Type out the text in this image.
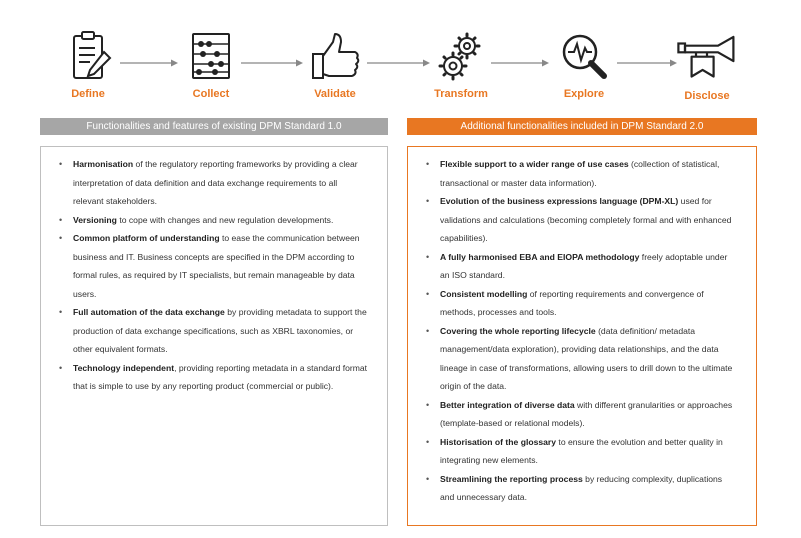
Define	Collect	Validate	Transform	Explore	Disclose
Functionalities and features of existing DPM Standard 1.0
• Harmonisation of the regulatory reporting frameworks by providing a clear interpretation of data definition and data exchange requirements to all relevant stakeholders.
• Versioning to cope with changes and new regulation developments.
• Common platform of understanding to ease the communication between business and IT. Business concepts are specified in the DPM according to formal rules, as required by IT specialists, but remain manageable by data users.
• Full automation of the data exchange by providing metadata to support the production of data exchange specifications, such as XBRL taxonomies, or other equivalent formats.
• Technology independent, providing reporting metadata in a standard format that is simple to use by any reporting product (commercial or public).
Additional functionalities included in DPM Standard 2.0
• Flexible support to a wider range of use cases (collection of statistical, transactional or master data information).
• Evolution of the business expressions language (DPM-XL) used for validations and calculations (becoming completely formal and with enhanced capabilities).
• A fully harmonised EBA and EIOPA methodology freely adoptable under an ISO standard.
• Consistent modelling of reporting requirements and convergence of methods, processes and tools.
• Covering the whole reporting lifecycle (data definition/ metadata management/data exploration), providing data relationships, and the data lineage in case of transformations, allowing users to drill down to the ultimate origin of the data.
• Better integration of diverse data with different granularities or approaches (template-based or relational models).
• Historisation of the glossary to ensure the evolution and better quality in integrating new elements.
• Streamlining the reporting process by reducing complexity, duplications and unnecessary data.
